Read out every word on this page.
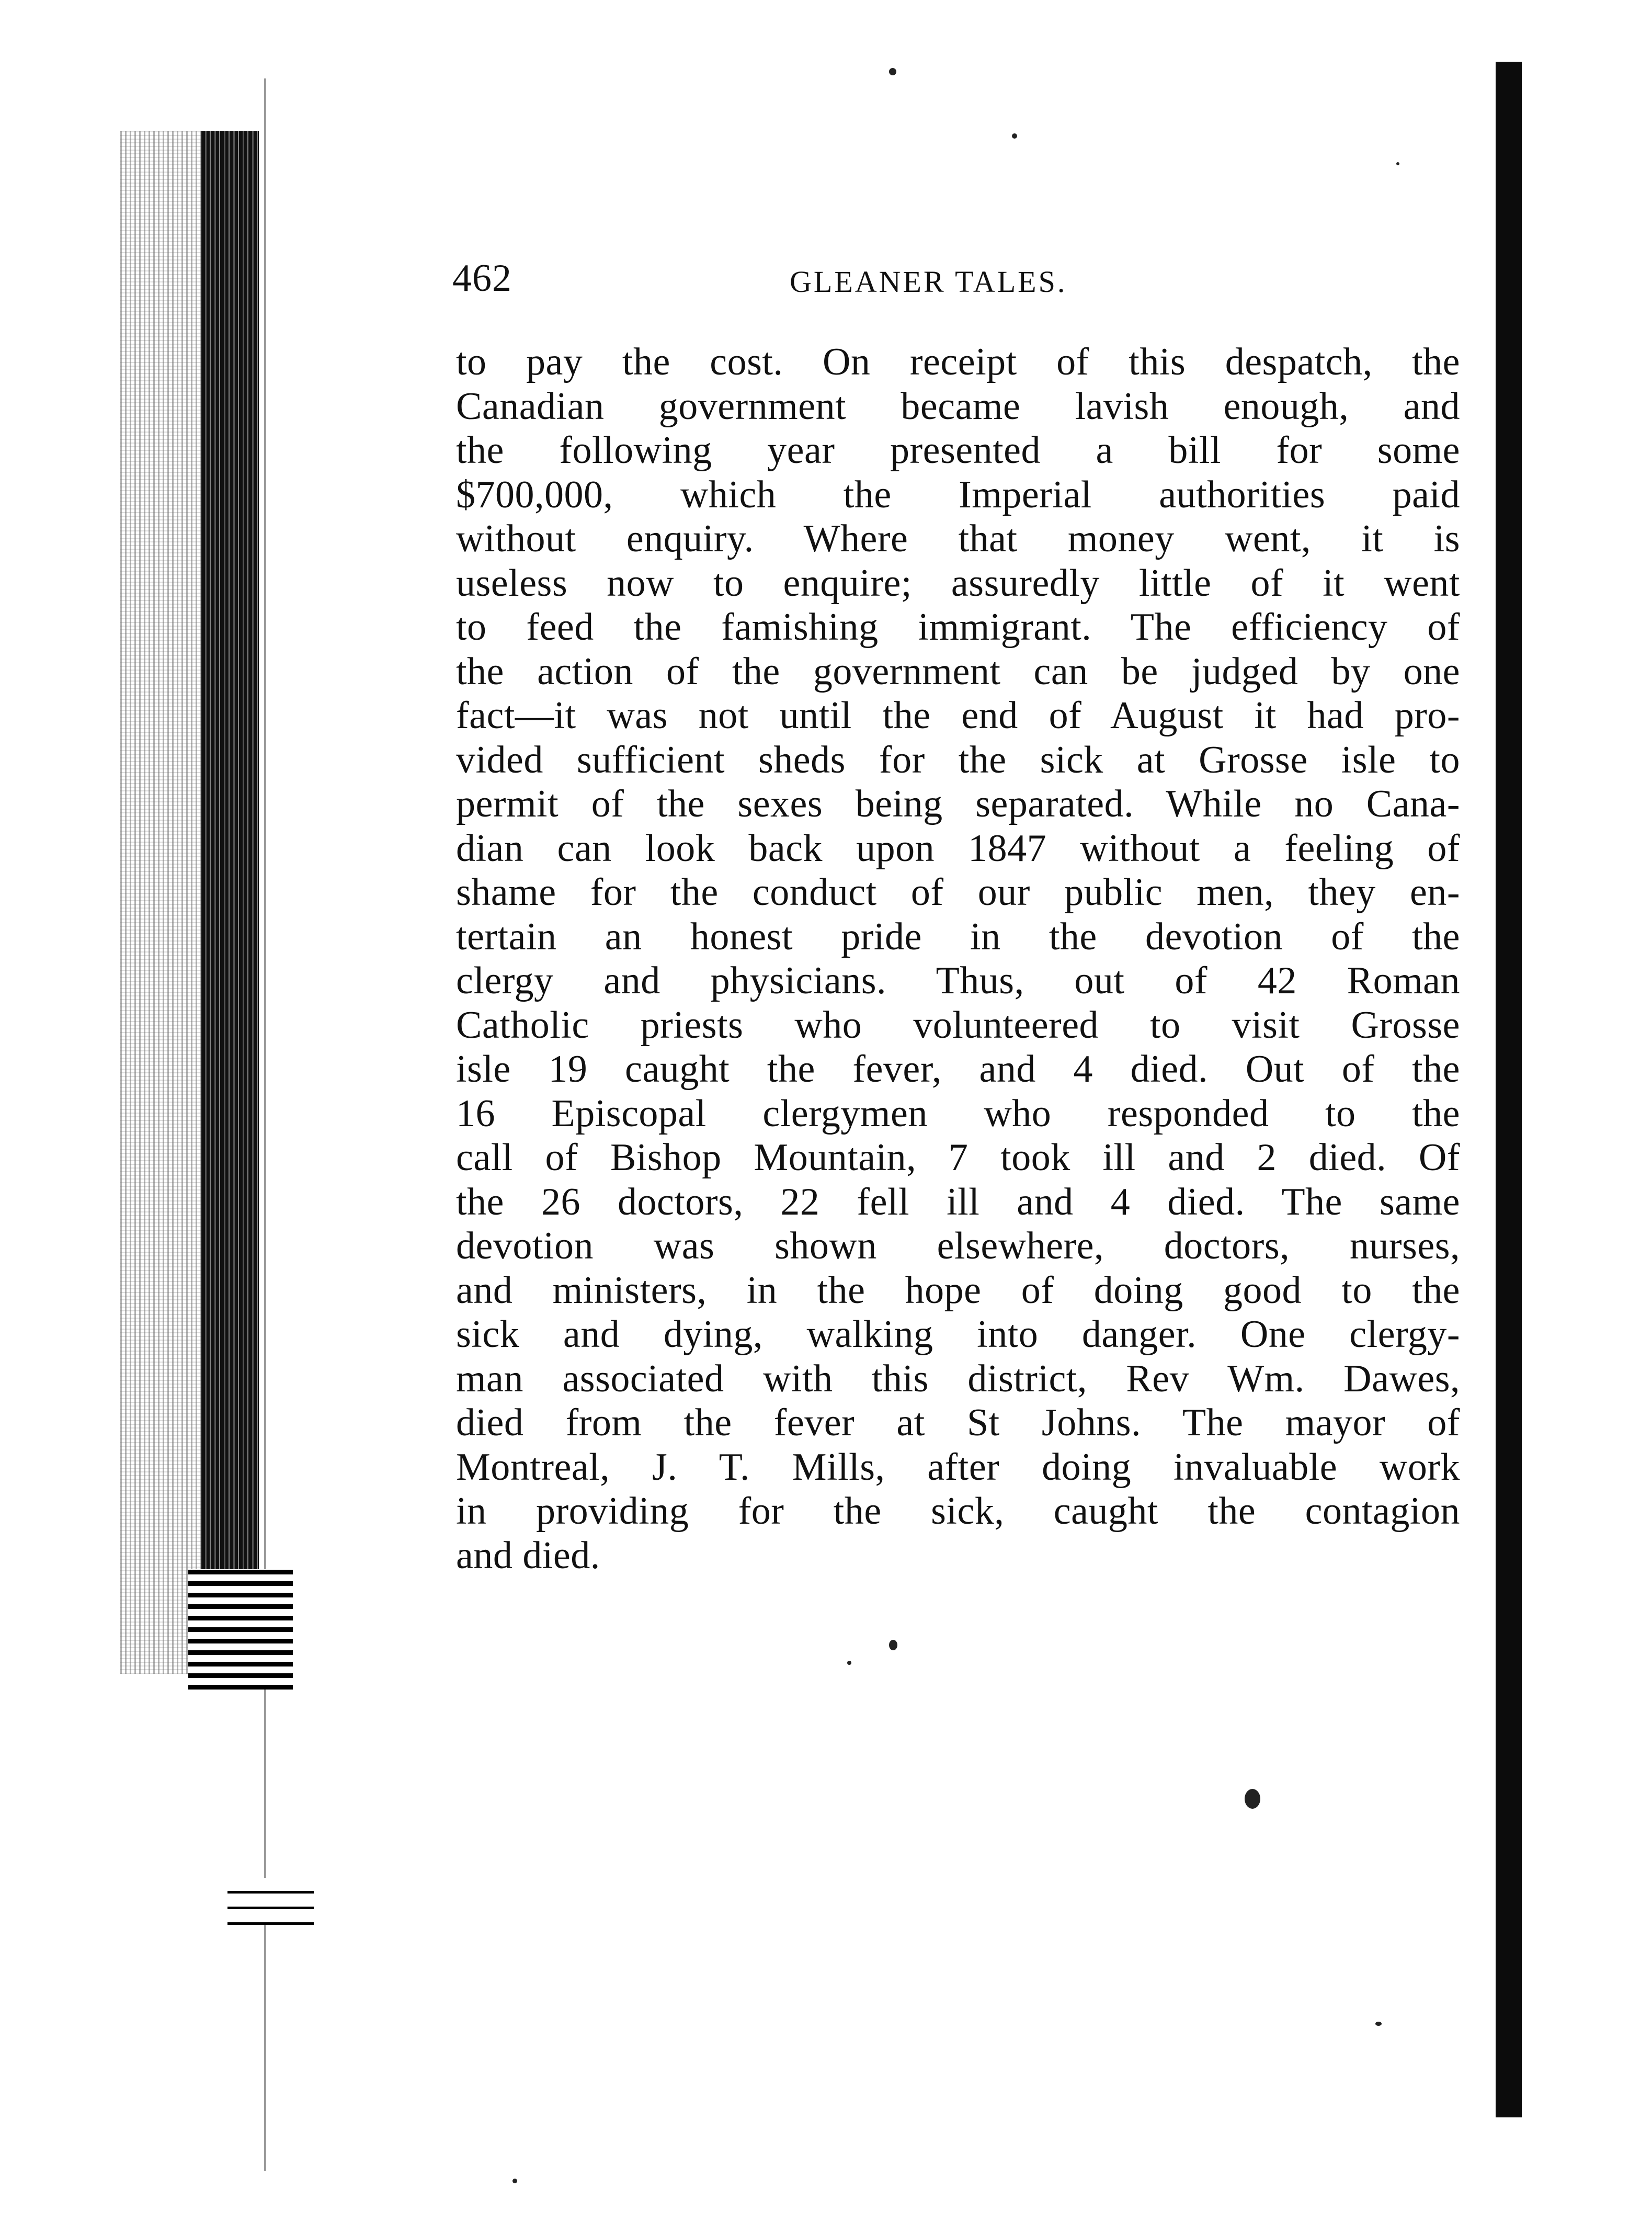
462	GLEANER TALES.
to pay the cost. On receipt of this despatch, the
Canadian government became lavish enough, and
the following year presented a bill for some
$700,000, which the Imperial authorities paid
without enquiry. Where that money went, it is
useless now to enquire; assuredly little of it went
to feed the famishing immigrant. The efficiency of
the action of the government can be judged by one
fact—it was not until the end of August it had pro-
vided sufficient sheds for the sick at Grosse isle to
permit of the sexes being separated. While no Cana-
dian can look back upon 1847 without a feeling of
shame for the conduct of our public men, they en-
tertain an honest pride in the devotion of the
clergy and physicians. Thus, out of 42 Roman
Catholic priests who volunteered to visit Grosse
isle 19 caught the fever, and 4 died. Out of the
16 Episcopal clergymen who responded to the
call of Bishop Mountain, 7 took ill and 2 died. Of
the 26 doctors, 22 fell ill and 4 died. The same
devotion was shown elsewhere, doctors, nurses,
and ministers, in the hope of doing good to the
sick and dying, walking into danger. One clergy-
man associated with this district, Rev Wm. Dawes,
died from the fever at St Johns. The mayor of
Montreal, J. T. Mills, after doing invaluable work
in providing for the sick, caught the contagion
and died.
